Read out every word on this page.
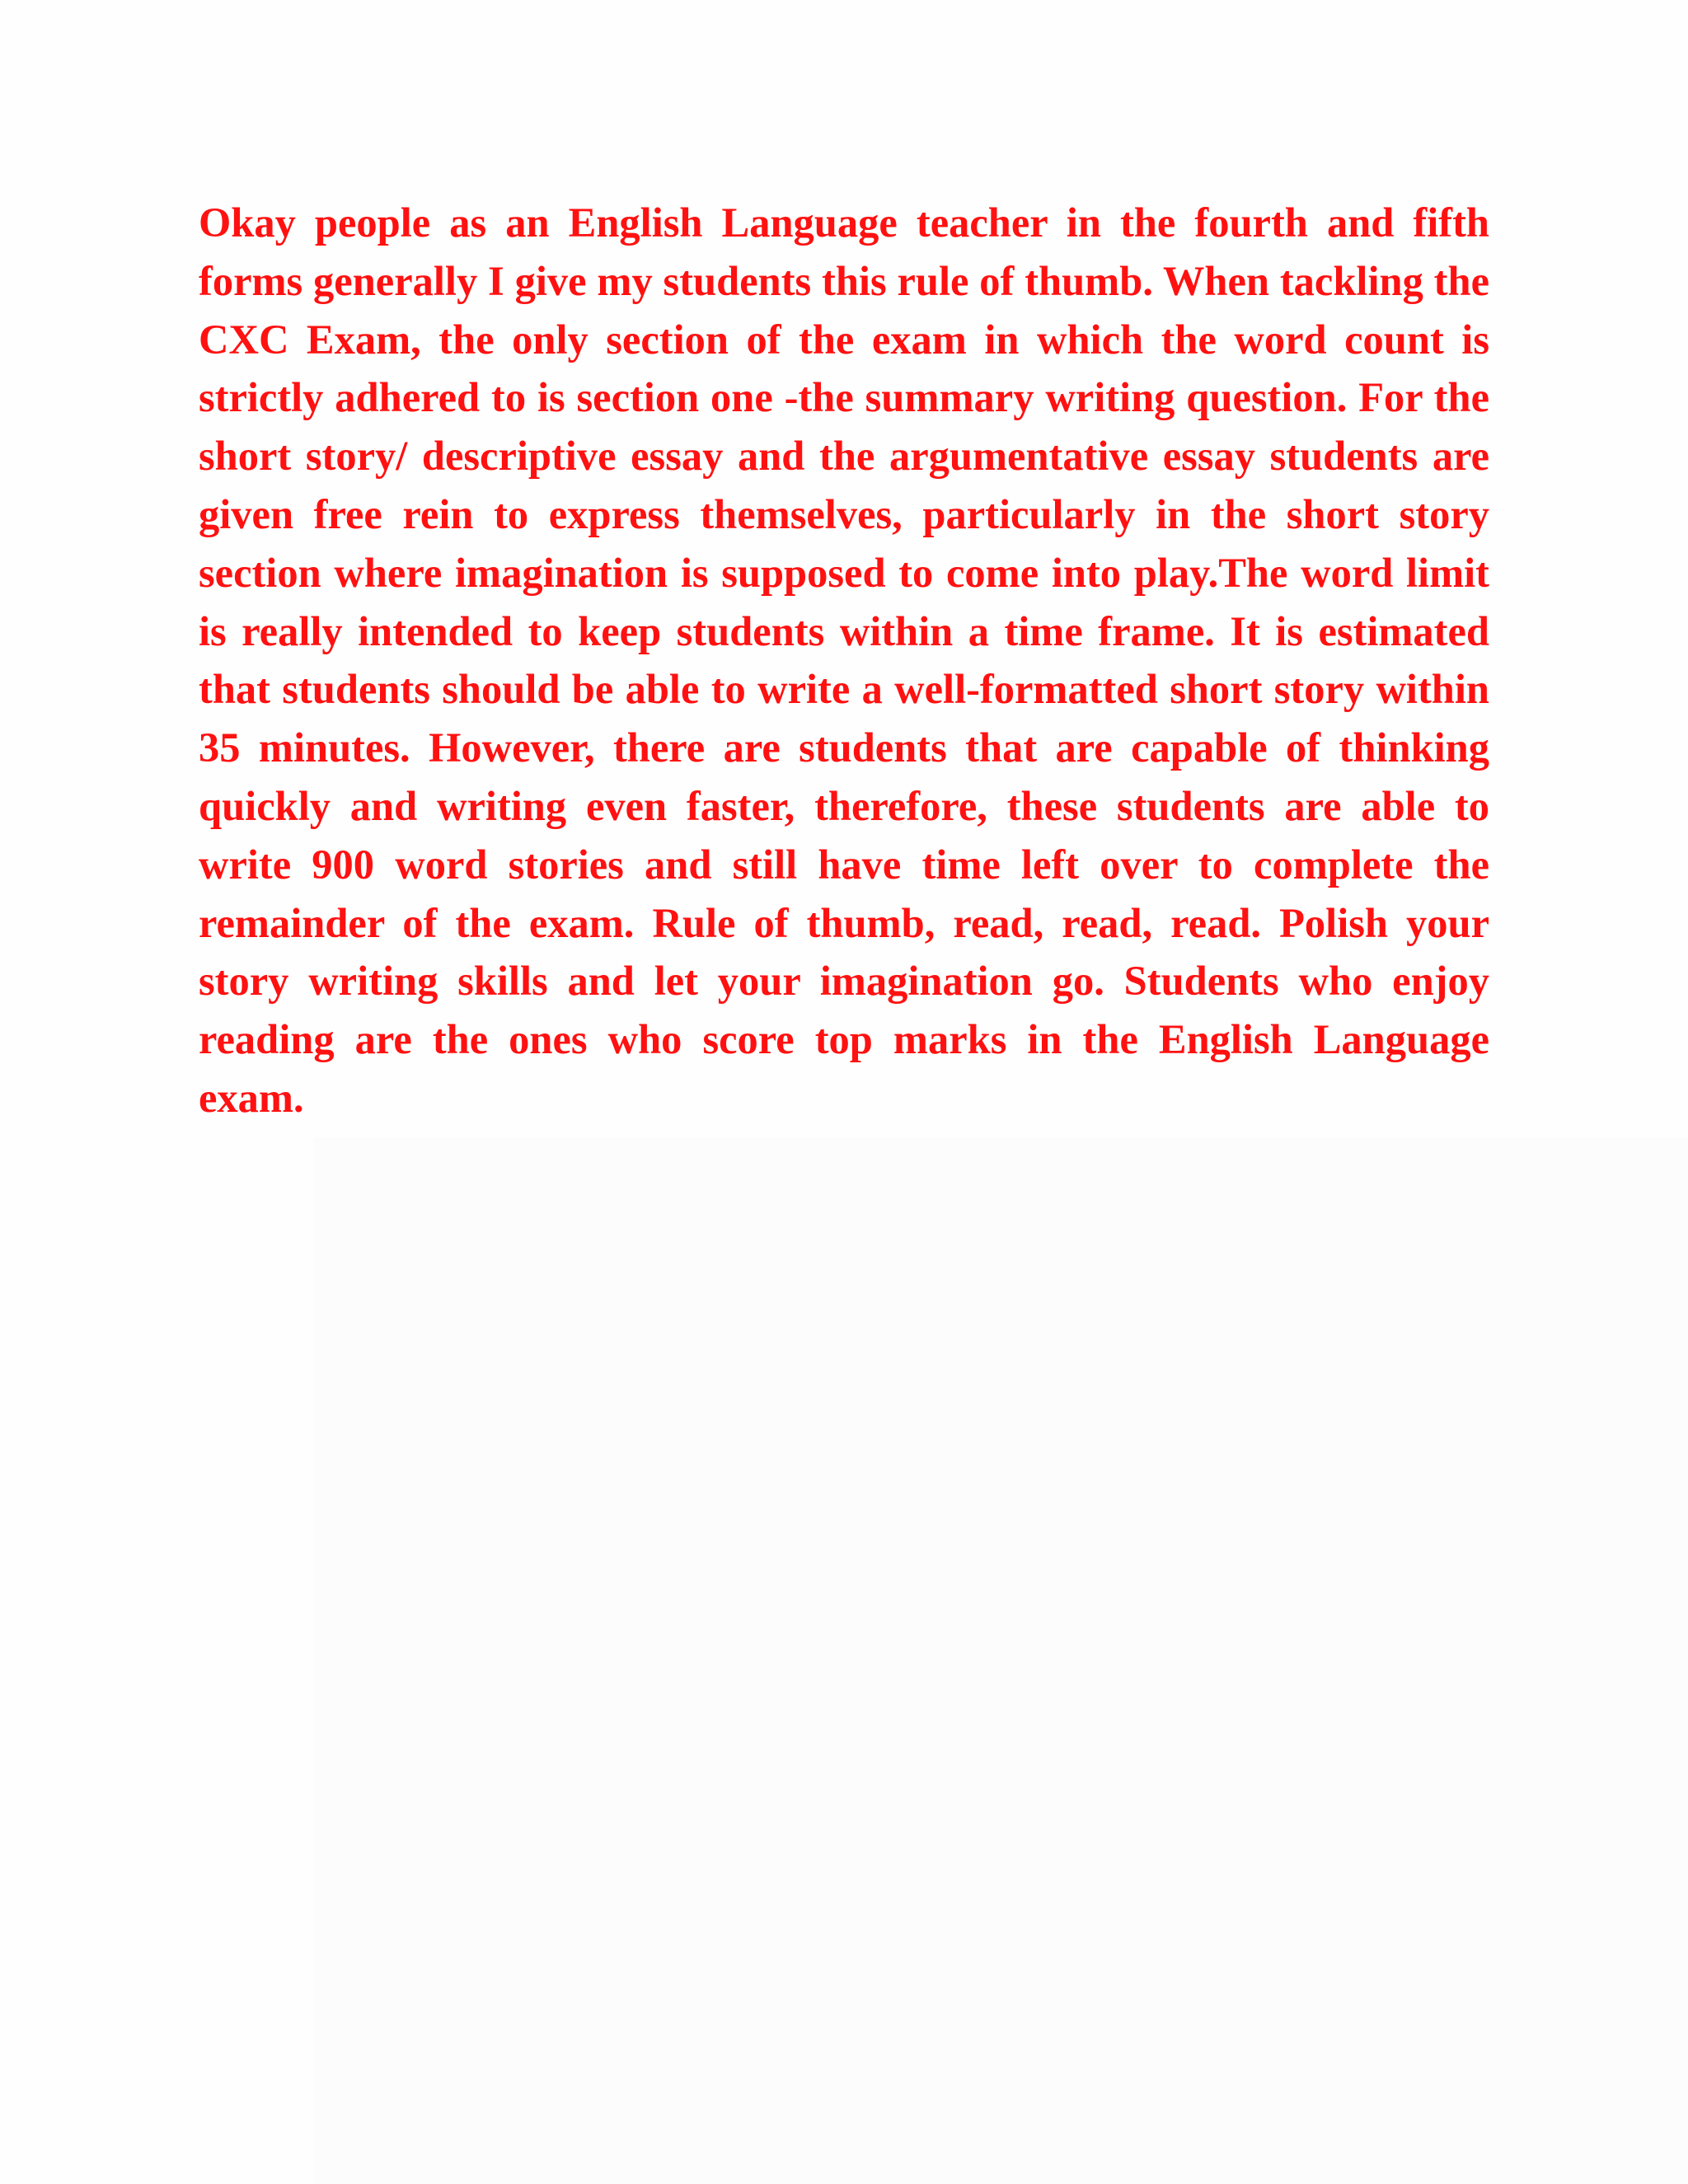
Okay people as an English Language teacher in the fourth and fifth forms generally I give my students this rule of thumb. When tackling the CXC Exam, the only section of the exam in which the word count is strictly adhered to is section one -the summary writing question. For the short story/ descriptive essay and the argumentative essay students are given free rein to express themselves, particularly in the short story section where imagination is supposed to come into play.The word limit is really intended to keep students within a time frame. It is estimated that students should be able to write a well-formatted short story within 35 minutes. However, there are students that are capable of thinking quickly and writing even faster, therefore, these students are able to write 900 word stories and still have time left over to complete the remainder of the exam. Rule of thumb, read, read, read. Polish your story writing skills and let your imagination go. Students who enjoy reading are the ones who score top marks in the English Language exam.
